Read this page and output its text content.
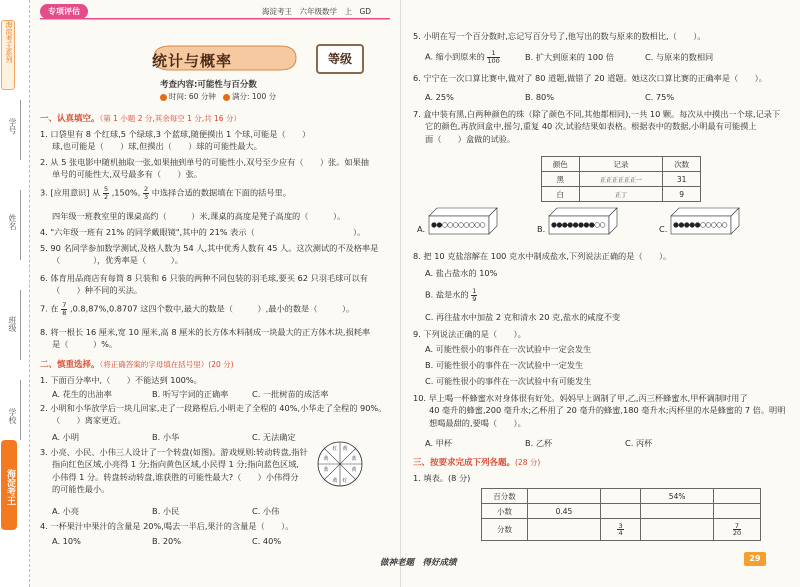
海淀考王系列
学号
姓名
班级
学校
海淀考王
专项评估	海淀考王　六年级数学　上　GD
统计与概率	等级
考查内容:可能性与百分数
时间: 60 分钟 满分: 100 分
一、认真填空。（第 1 小题 2 分,其余每空 1 分,共 16 分）
1. 口袋里有 8 个红球,5 个绿球,3 个蓝球,随便摸出 1 个球,可能是（　　）
球,也可能是（　　）球,但摸出（　　）球的可能性最大。
2. 从 5 张电影中随机抽取一张,如果抽到单号的可能性小,双号至少应有（　　）张。如果抽
单号的可能性大,双号最多有（　　）张。
3. [应用意识] 从 $\frac{5}{2} ,150\%$, $\frac{2}{3}$ 中选择合适的数据填在下面的括号里。
四年级一班教室里的课桌高约（　　　）米,课桌的高度是凳子高度的（　　　）。
4. "六年级一班有 21% 的同学戴眼镜",其中的 21% 表示（　　　　　　　　　　　　）。
5. 90 名同学参加数学测试,及格人数为 54 人,其中优秀人数有 45 人。这次测试的不及格率是
（　　　　），优秀率是（　　　）。
6. 体育用品商店有每筒 8 只装和 6 只装的两种不同包装的羽毛球,要买 62 只羽毛球可以有
（　　）种不同的买法。
7. 在 $\frac{7}{8} ,0.8,87\%,0.8707$ 这四个数中,最大的数是（　　　）,最小的数是（　　　）。
8. 将一根长 16 厘米,宽 10 厘米,高 8 厘米的长方体木料制成一块最大的正方体木块,损耗率
是（　　　）%。
二、慎重选择。（将正确答案的字母填在括号里）(20 分)
1. 下面百分率中,（　　）不能达到 100%。
A. 花生的出油率	B. 听写字词的正确率	C. 一批树苗的成活率
2. 小明和小华放学后一块儿回家,走了一段路程后,小明走了全程的 40%,小华走了全程的 90%。
（　　）离家更近。
A. 小明	B. 小华	C. 无法确定
3. 小亮、小民、小伟三人设计了一个转盘(如图)。游戏规则:转动转盘,指针
指向红色区域,小亮得 1 分;指向黄色区域,小民得 1 分;指向蓝色区域,
小伟得 1 分。转盘转动转盘,谁获胜的可能性最大?（　　）小伟得分
的可能性最小。
红 黄
蓝
黄
红
黄
蓝
黄
A. 小亮	B. 小民	C. 小伟
4. 一杯果汁中果汁的含量是 20%,喝去一半后,果汁的含量是（　　）。
A. 10%	B. 20%	C. 40%
5. 小明在写一个百分数时,忘记写百分号了,他写出的数与原来的数相比,（　　）。
A. 缩小到原来的 $\frac{1}{100}$	B. 扩大到原来的 100 倍	C. 与原来的数相同
6. 宁宁在一次口算比赛中,做对了 80 道题,做错了 20 道题。她这次口算比赛的正确率是（　　）。
A. 25%	B. 80%	C. 75%
7. 盒中装有黑,白两种颜色的珠（除了颜色不同,其他都相同),一共 10 颗。每次从中摸出一个球,记录下
它的颜色,再放回盒中,摇匀,重复 40 次,试验结果如表格。根据表中的数据,小明最有可能摸上
面（　　）盒做的试验。
颜色	记录	次数
黑	正正正正正正一	31
白	正丁	9
A.	B.	C.
8. 把 10 克盐溶解在 100 克水中制成盐水,下列说法正确的是（　　）。
A. 盐占盐水的 10%
B. 盐是水的 $\frac{1}{9}$
C. 再往盐水中加盐 2 克和清水 20 克,盐水的咸度不变
9. 下列说法正确的是（　　）。
A. 可能性很小的事件在一次试验中一定会发生
B. 可能性很小的事件在一次试验中一定发生
C. 可能性很小的事件在一次试验中有可能发生
10. 早上喝一杯蜂蜜水对身体很有好处。妈妈早上调制了甲,乙,丙三杯蜂蜜水,甲杯调制时用了
40 毫升的蜂蜜,200 毫升水;乙杯用了 20 毫升的蜂蜜,180 毫升水;丙杯里的水是蜂蜜的 7 倍。明明
想喝最甜的,要喝（　　）。
A. 甲杯	B. 乙杯	C. 丙杯
三、按要求完成下列各题。(28 分)
1. 填表。(8 分)
百分数			54%	
小数	0.45			
分数		$\frac{3}{4}$		$\frac{7}{20}$
做神老题　得好成绩	29
